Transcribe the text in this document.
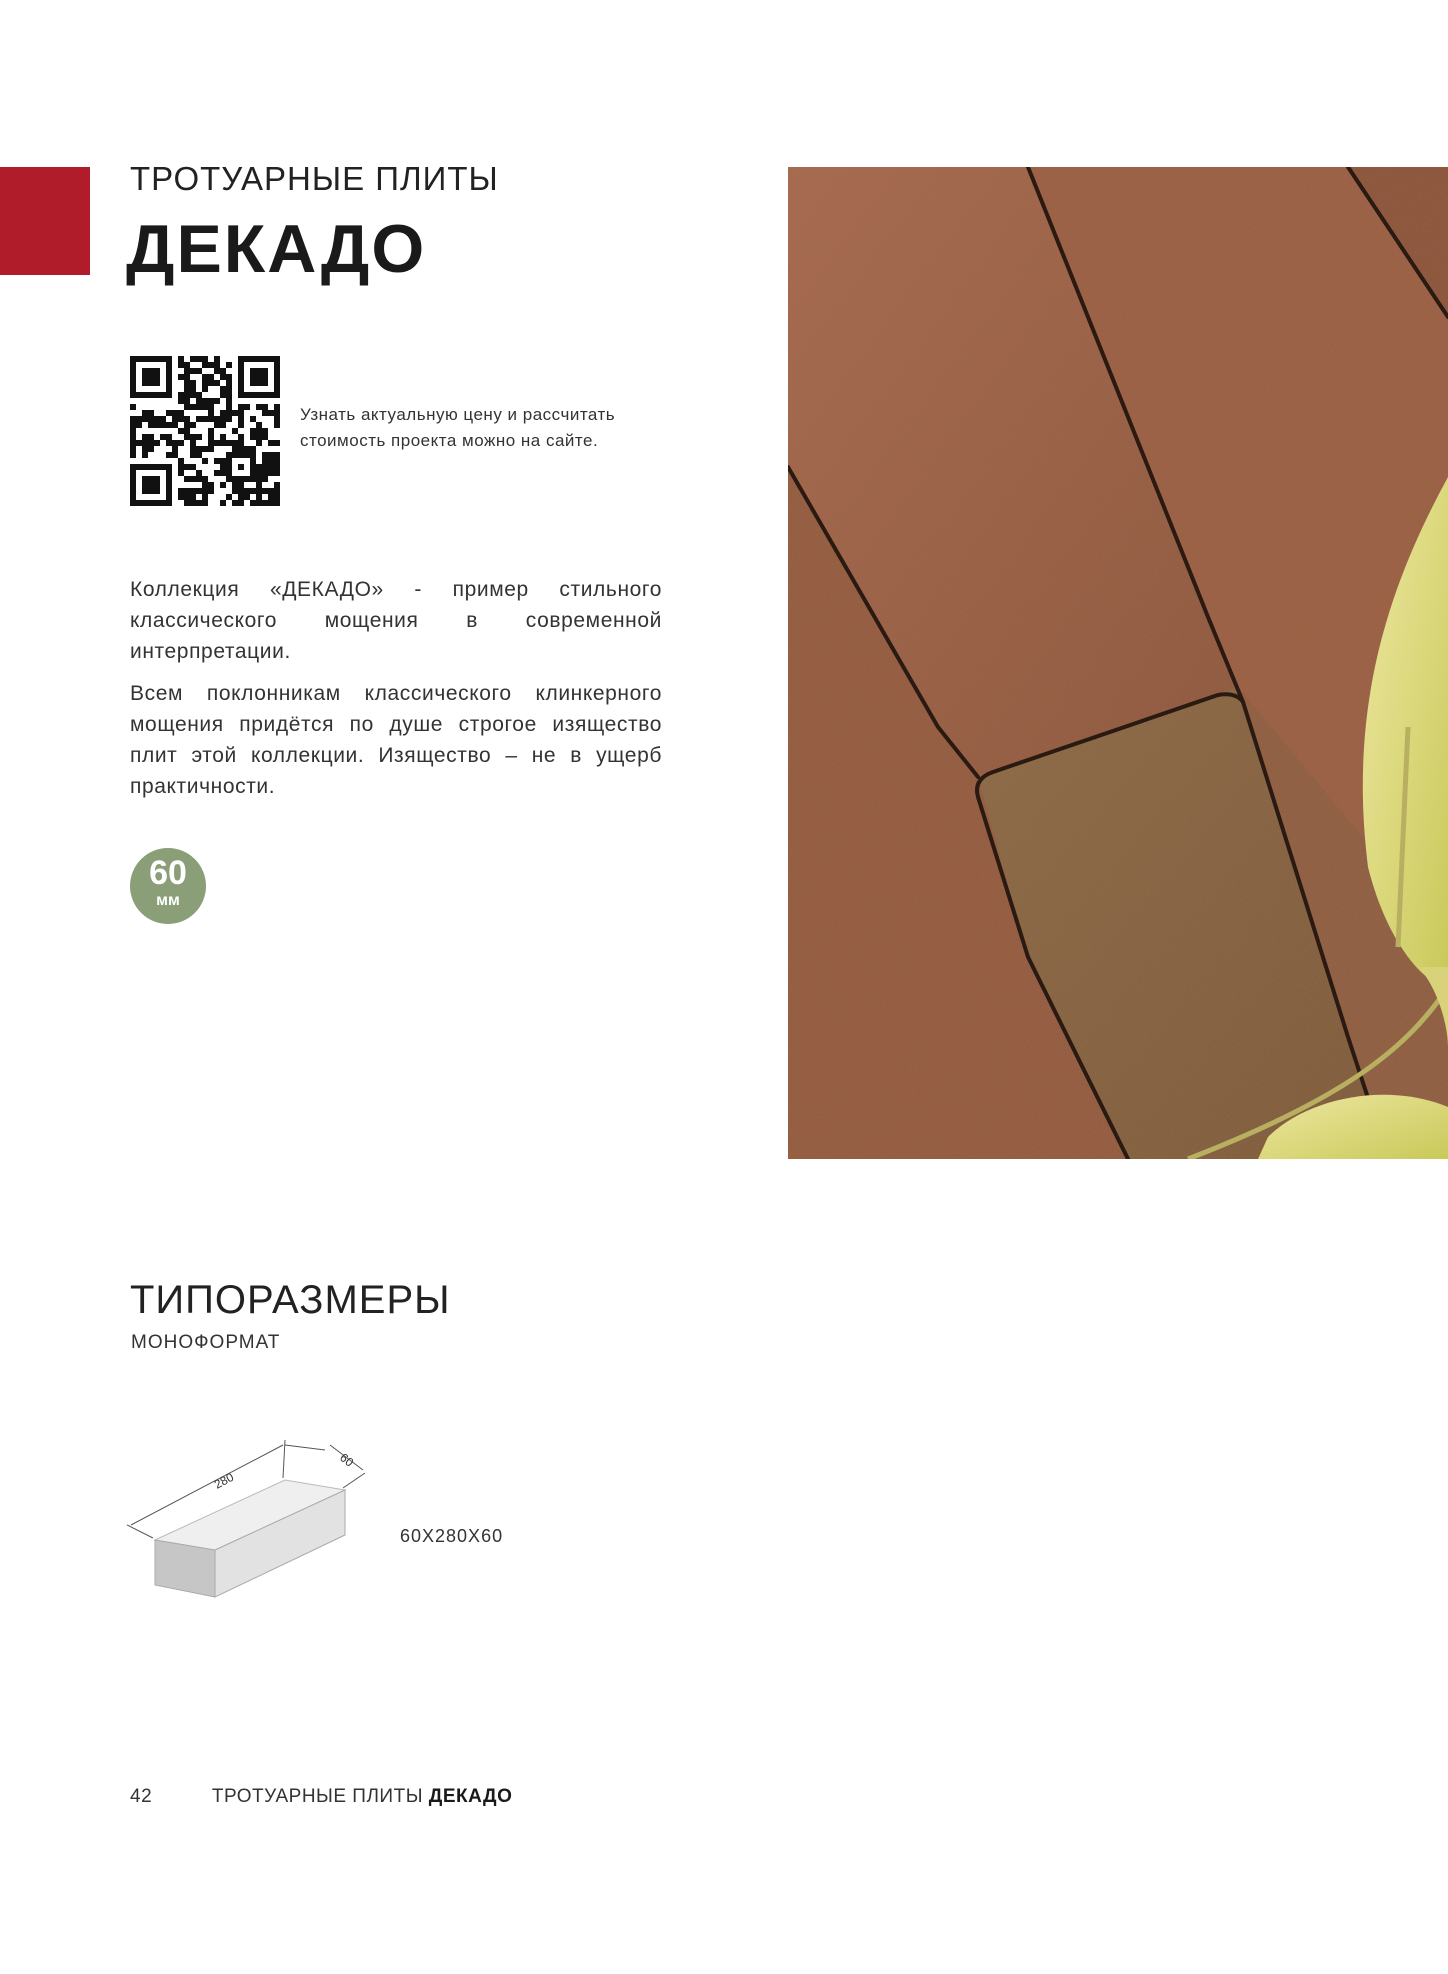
ТРОТУАРНЫЕ ПЛИТЫ
ДЕКАДО
Узнать актуальную цену и рассчитать стоимость проекта можно на сайте.

Коллекция «ДЕКАДО» - пример стильного классического мощения в современной интерпретации.

Всем поклонникам классического клинкерного мощения придётся по душе строгое изящество плит этой коллекции. Изящество – не в ущерб практичности.

60
мм
ТИПОРАЗМЕРЫ
МОНОФОРМАТ
280
60
60Х280Х60
42	ТРОТУАРНЫЕ ПЛИТЫ ДЕКАДО
